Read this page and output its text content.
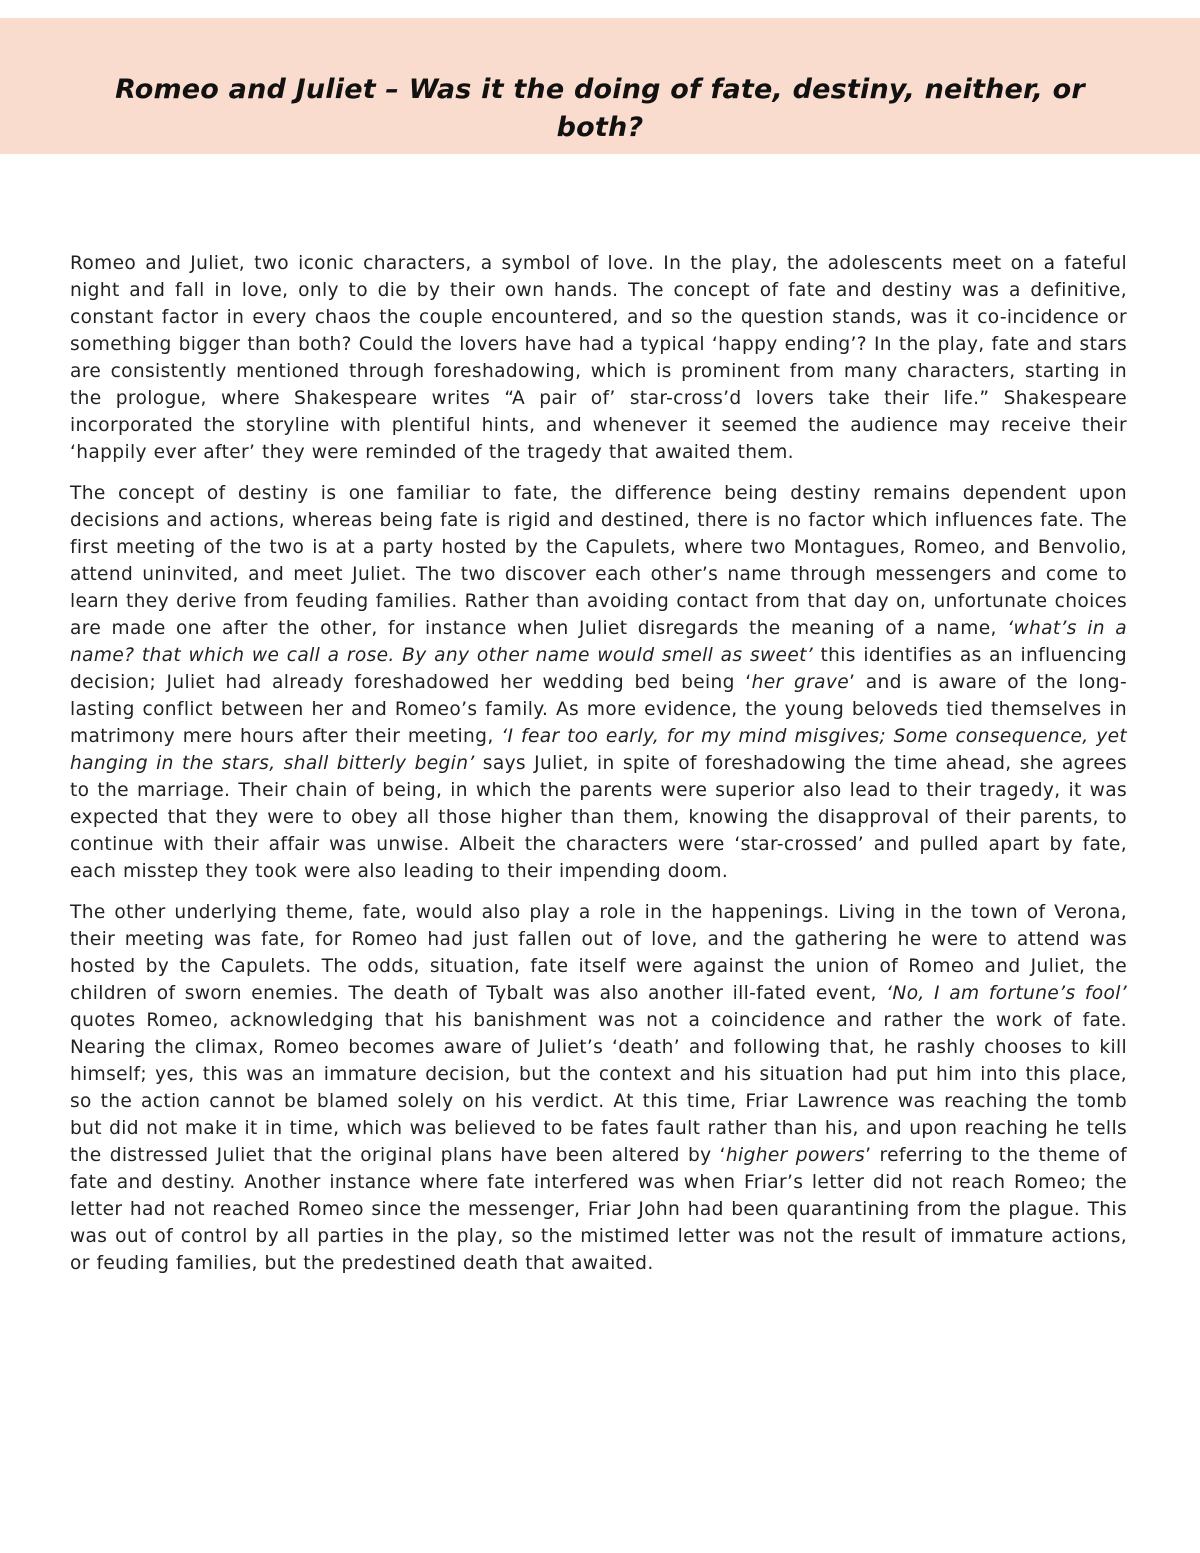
Romeo and Juliet – Was it the doing of fate, destiny, neither, or both?

Romeo and Juliet, two iconic characters, a symbol of love. In the play, the adolescents meet on a fateful night and fall in love, only to die by their own hands. The concept of fate and destiny was a definitive, constant factor in every chaos the couple encountered, and so the question stands, was it co-incidence or something bigger than both? Could the lovers have had a typical ‘happy ending’? In the play, fate and stars are consistently mentioned through foreshadowing, which is prominent from many characters, starting in the prologue, where Shakespeare writes “A pair of’ star-cross’d lovers take their life.” Shakespeare incorporated the storyline with plentiful hints, and whenever it seemed the audience may receive their ‘happily ever after’ they were reminded of the tragedy that awaited them.

The concept of destiny is one familiar to fate, the difference being destiny remains dependent upon decisions and actions, whereas being fate is rigid and destined, there is no factor which influences fate. The first meeting of the two is at a party hosted by the Capulets, where two Montagues, Romeo, and Benvolio, attend uninvited, and meet Juliet. The two discover each other’s name through messengers and come to learn they derive from feuding families. Rather than avoiding contact from that day on, unfortunate choices are made one after the other, for instance when Juliet disregards the meaning of a name, ‘what’s in a name? that which we call a rose. By any other name would smell as sweet’ this identifies as an influencing decision; Juliet had already foreshadowed her wedding bed being ‘her grave’ and is aware of the long-lasting conflict between her and Romeo’s family. As more evidence, the young beloveds tied themselves in matrimony mere hours after their meeting, ‘I fear too early, for my mind misgives; Some consequence, yet hanging in the stars, shall bitterly begin’ says Juliet, in spite of foreshadowing the time ahead, she agrees to the marriage. Their chain of being, in which the parents were superior also lead to their tragedy, it was expected that they were to obey all those higher than them, knowing the disapproval of their parents, to continue with their affair was unwise. Albeit the characters were ‘star-crossed’ and pulled apart by fate, each misstep they took were also leading to their impending doom.

The other underlying theme, fate, would also play a role in the happenings. Living in the town of Verona, their meeting was fate, for Romeo had just fallen out of love, and the gathering he were to attend was hosted by the Capulets. The odds, situation, fate itself were against the union of Romeo and Juliet, the children of sworn enemies. The death of Tybalt was also another ill-fated event, ‘No, I am fortune’s fool’ quotes Romeo, acknowledging that his banishment was not a coincidence and rather the work of fate. Nearing the climax, Romeo becomes aware of Juliet’s ‘death’ and following that, he rashly chooses to kill himself; yes, this was an immature decision, but the context and his situation had put him into this place, so the action cannot be blamed solely on his verdict. At this time, Friar Lawrence was reaching the tomb but did not make it in time, which was believed to be fates fault rather than his, and upon reaching he tells the distressed Juliet that the original plans have been altered by ‘higher powers’ referring to the theme of fate and destiny. Another instance where fate interfered was when Friar’s letter did not reach Romeo; the letter had not reached Romeo since the messenger, Friar John had been quarantining from the plague. This was out of control by all parties in the play, so the mistimed letter was not the result of immature actions, or feuding families, but the predestined death that awaited.
